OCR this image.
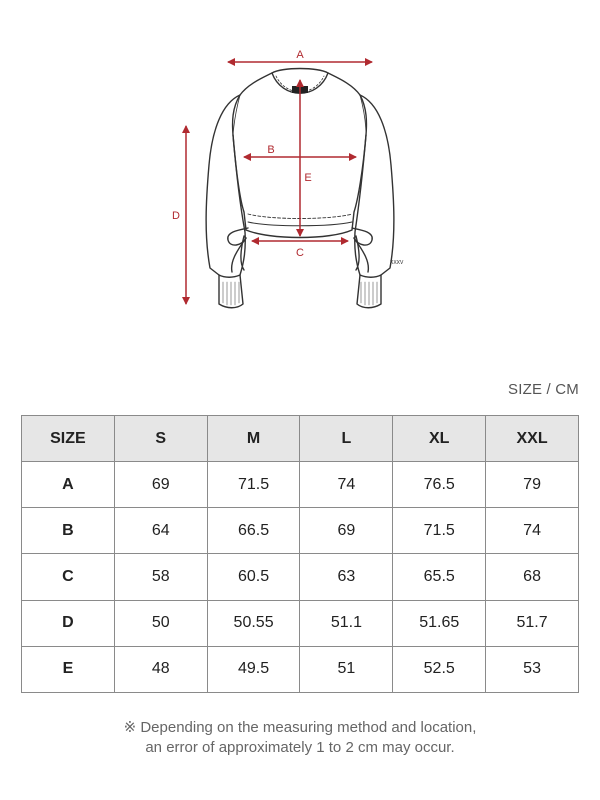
XXXV
A
B
C
D
E
SIZE / CM
SIZE	S	M	L	XL	XXL
A	69	71.5	74	76.5	79
B	64	66.5	69	71.5	74
C	58	60.5	63	65.5	68
D	50	50.55	51.1	51.65	51.7
E	48	49.5	51	52.5	53
※ Depending on the measuring method and location,
an error of approximately 1 to 2 cm may occur.
